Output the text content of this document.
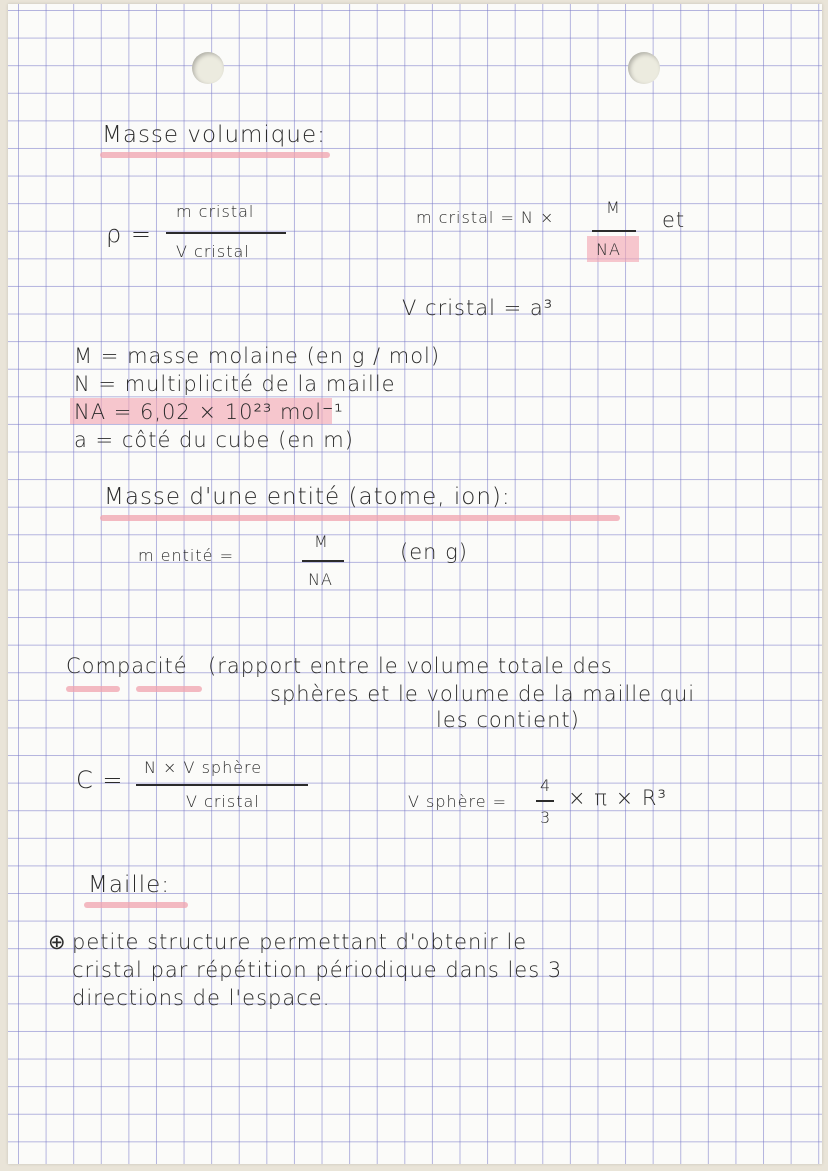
Masse volumique:
ρ =
m cristal
V cristal
m cristal = N ×
M
NA
et
V cristal = a³
M = masse molaine (en g / mol)
N = multiplicité de la maille
NA = 6,02 × 10²³ mol⁻¹
a = côté du cube (en m)
Masse d'une entité (atome, ion):
m entité =
M
NA
(en g)
Compacité (rapport entre le volume totale des
sphères et le volume de la maille qui
les contient)
C = N × V sphère
V cristal	V sphère =
4
3
× π × R³
Maille:
⊕ petite structure permettant d'obtenir le
cristal par répétition périodique dans les 3
directions de l'espace.
